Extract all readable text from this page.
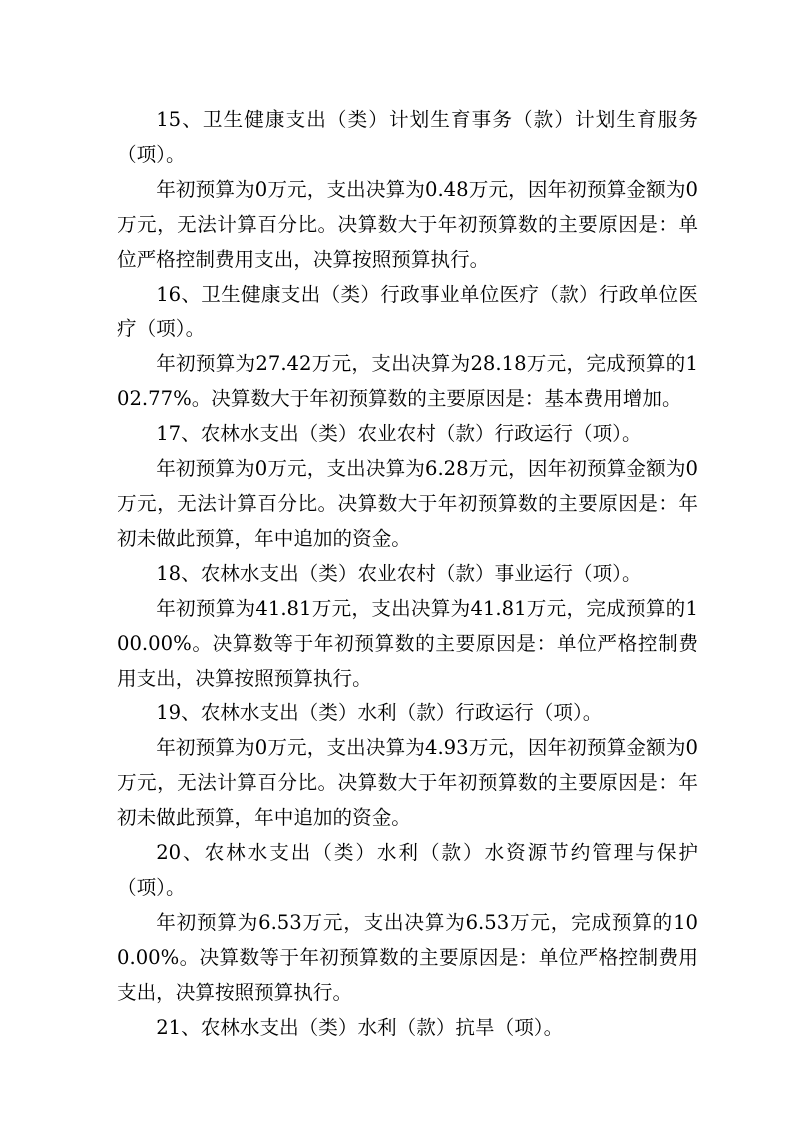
15、卫生健康支出（类）计划生育事务（款）计划生育服务（项）。

年初预算为0万元，支出决算为0.48万元，因年初预算金额为0万元，无法计算百分比。决算数大于年初预算数的主要原因是：单位严格控制费用支出，决算按照预算执行。

16、卫生健康支出（类）行政事业单位医疗（款）行政单位医疗（项）。

年初预算为27.42万元，支出决算为28.18万元，完成预算的102.77%。决算数大于年初预算数的主要原因是：基本费用增加。

17、农林水支出（类）农业农村（款）行政运行（项）。

年初预算为0万元，支出决算为6.28万元，因年初预算金额为0万元，无法计算百分比。决算数大于年初预算数的主要原因是：年初未做此预算，年中追加的资金。

18、农林水支出（类）农业农村（款）事业运行（项）。

年初预算为41.81万元，支出决算为41.81万元，完成预算的100.00%。决算数等于年初预算数的主要原因是：单位严格控制费用支出，决算按照预算执行。

19、农林水支出（类）水利（款）行政运行（项）。

年初预算为0万元，支出决算为4.93万元，因年初预算金额为0万元，无法计算百分比。决算数大于年初预算数的主要原因是：年初未做此预算，年中追加的资金。

20、农林水支出（类）水利（款）水资源节约管理与保护（项）。

年初预算为6.53万元，支出决算为6.53万元，完成预算的100.00%。决算数等于年初预算数的主要原因是：单位严格控制费用支出，决算按照预算执行。

21、农林水支出（类）水利（款）抗旱（项）。
